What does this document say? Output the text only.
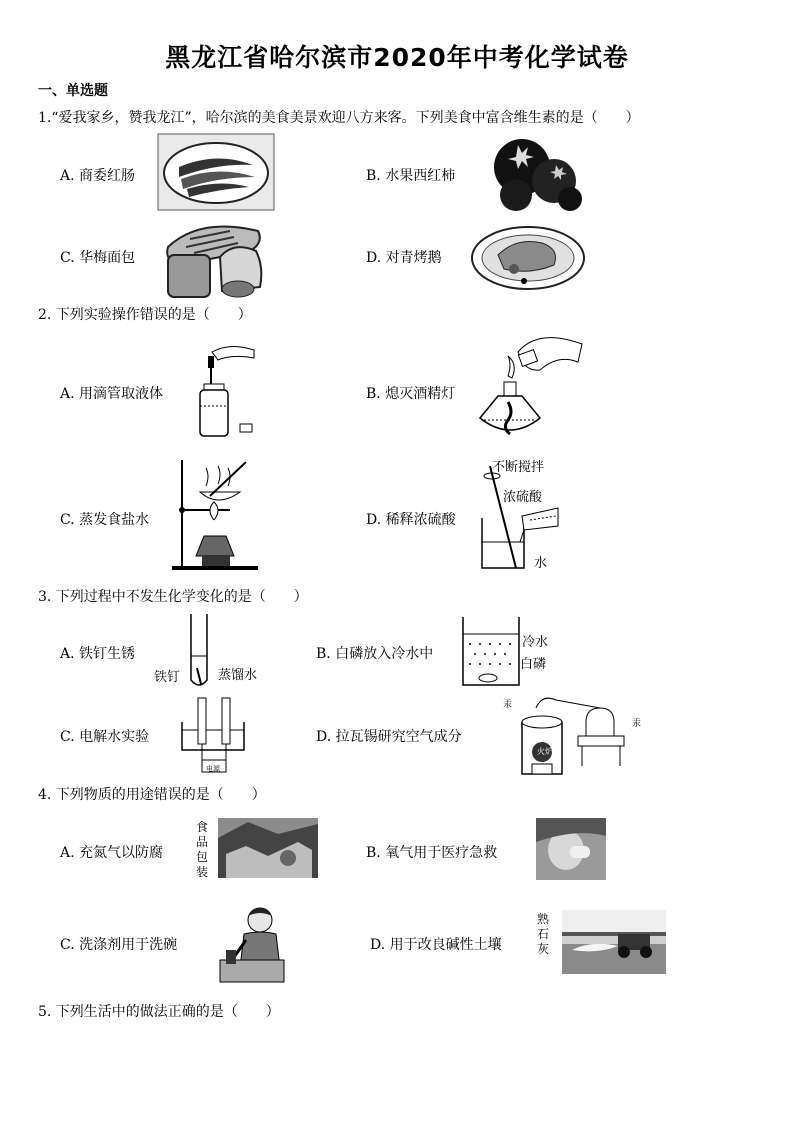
黑龙江省哈尔滨市2020年中考化学试卷
一、单选题
1.“爱我家乡，赞我龙江”，哈尔滨的美食美景欢迎八方来客。下列美食中富含维生素的是（　　）
A. 商委红肠	B. 水果西红柿
C. 华梅面包	D. 对青烤鹅
2. 下列实验操作错误的是（　　）
A. 用滴管取液体	B. 熄灭酒精灯
C. 蒸发食盐水	D. 稀释浓硫酸
不断搅拌
浓硫酸
水
3. 下列过程中不发生化学变化的是（　　）
A. 铁钉生锈	B. 白磷放入冷水中
C. 电解水实验	D. 拉瓦锡研究空气成分
铁钉	蒸馏水
冷水
白磷
电源
汞
汞
火炉
4. 下列物质的用途错误的是（　　）
A. 充氮气以防腐	B. 氧气用于医疗急救
C. 洗涤剂用于洗碗	D. 用于改良碱性土壤
食
品
包
装
熟
石
灰
5. 下列生活中的做法正确的是（　　）
